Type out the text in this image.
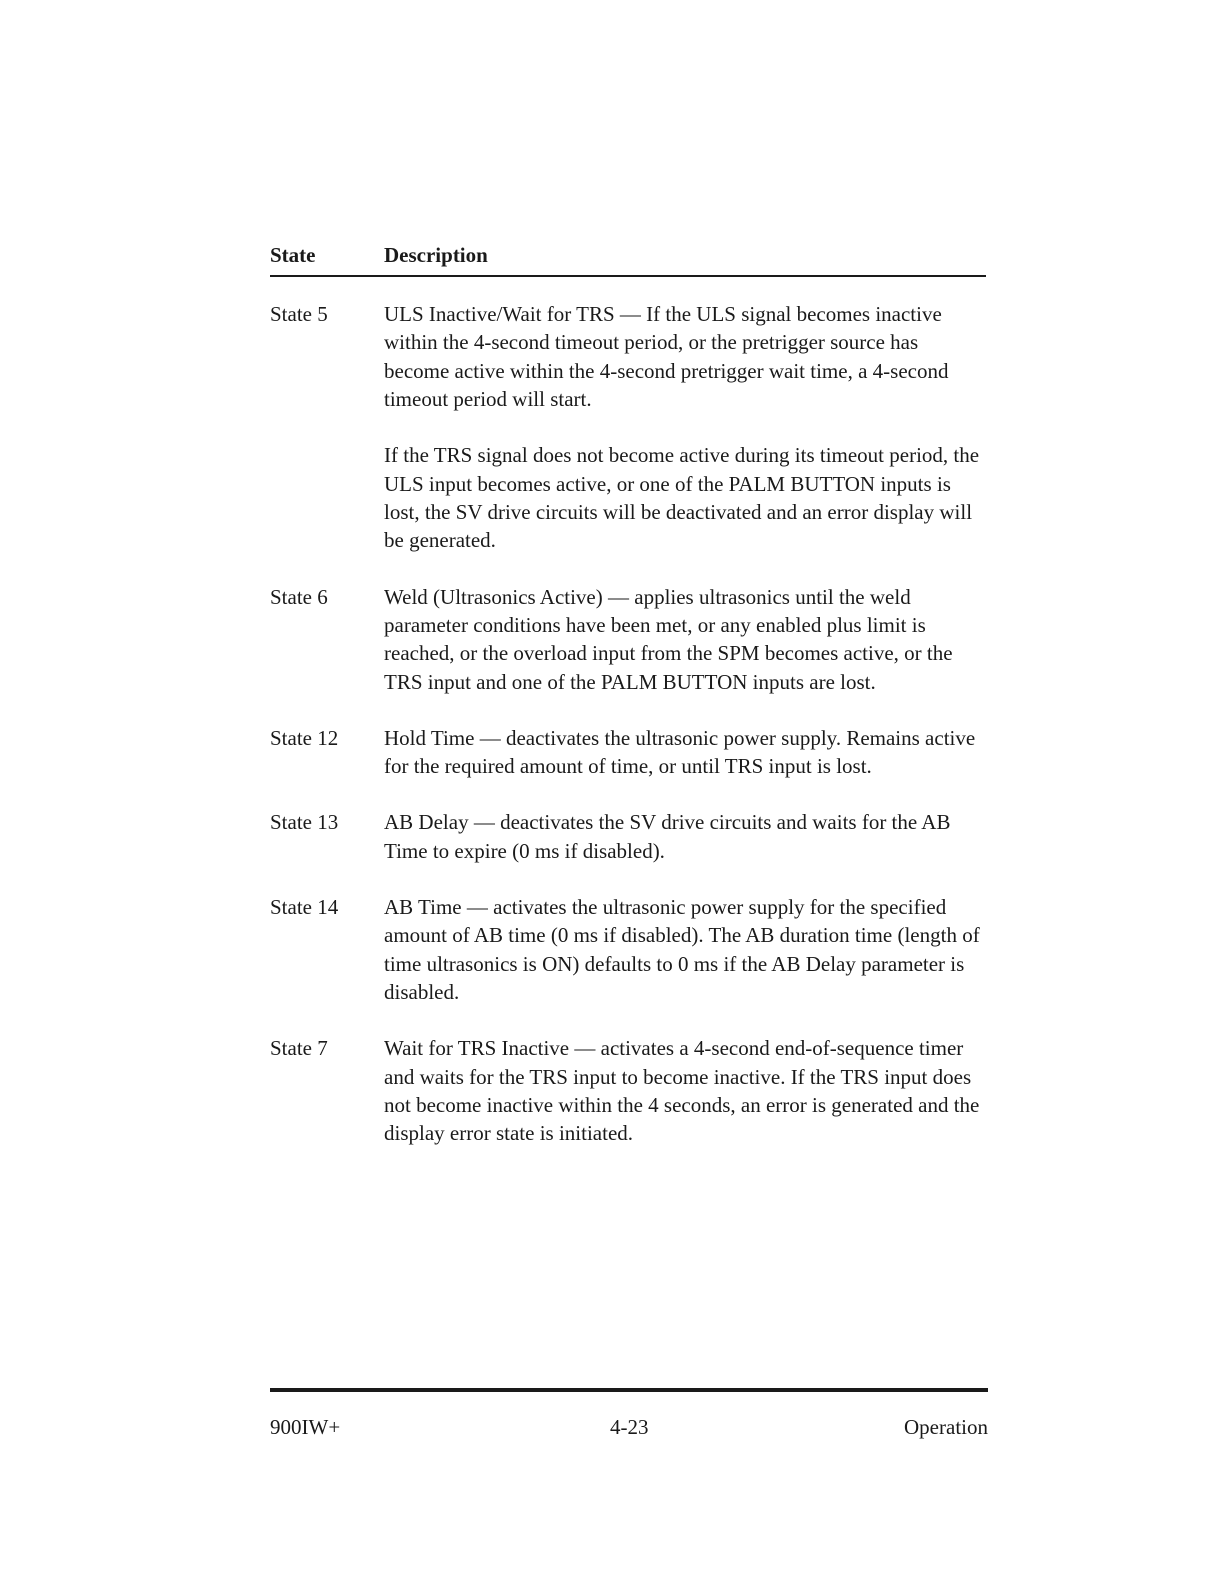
State	Description
State 5	ULS Inactive/Wait for TRS — If the ULS signal becomes inactive within the 4-second timeout period, or the pretrigger source has become active within the 4-second pretrigger wait time, a 4-second timeout period will start.

If the TRS signal does not become active during its timeout period, the ULS input becomes active, or one of the PALM BUTTON inputs is lost, the SV drive circuits will be deactivated and an error display will be generated.

State 6	Weld (Ultrasonics Active) — applies ultrasonics until the weld parameter conditions have been met, or any enabled plus limit is reached, or the overload input from the SPM becomes active, or the TRS input and one of the PALM BUTTON inputs are lost.

State 12	Hold Time — deactivates the ultrasonic power supply. Remains active for the required amount of time, or until TRS input is lost.

State 13	AB Delay — deactivates the SV drive circuits and waits for the AB Time to expire (0 ms if disabled).

State 14	AB Time — activates the ultrasonic power supply for the specified amount of AB time (0 ms if disabled). The AB duration time (length of time ultrasonics is ON) defaults to 0 ms if the AB Delay parameter is disabled.

State 7	Wait for TRS Inactive — activates a 4-second end-of-sequence timer and waits for the TRS input to become inactive. If the TRS input does not become inactive within the 4 seconds, an error is generated and the display error state is initiated.

900IW+	4-23	Operation
